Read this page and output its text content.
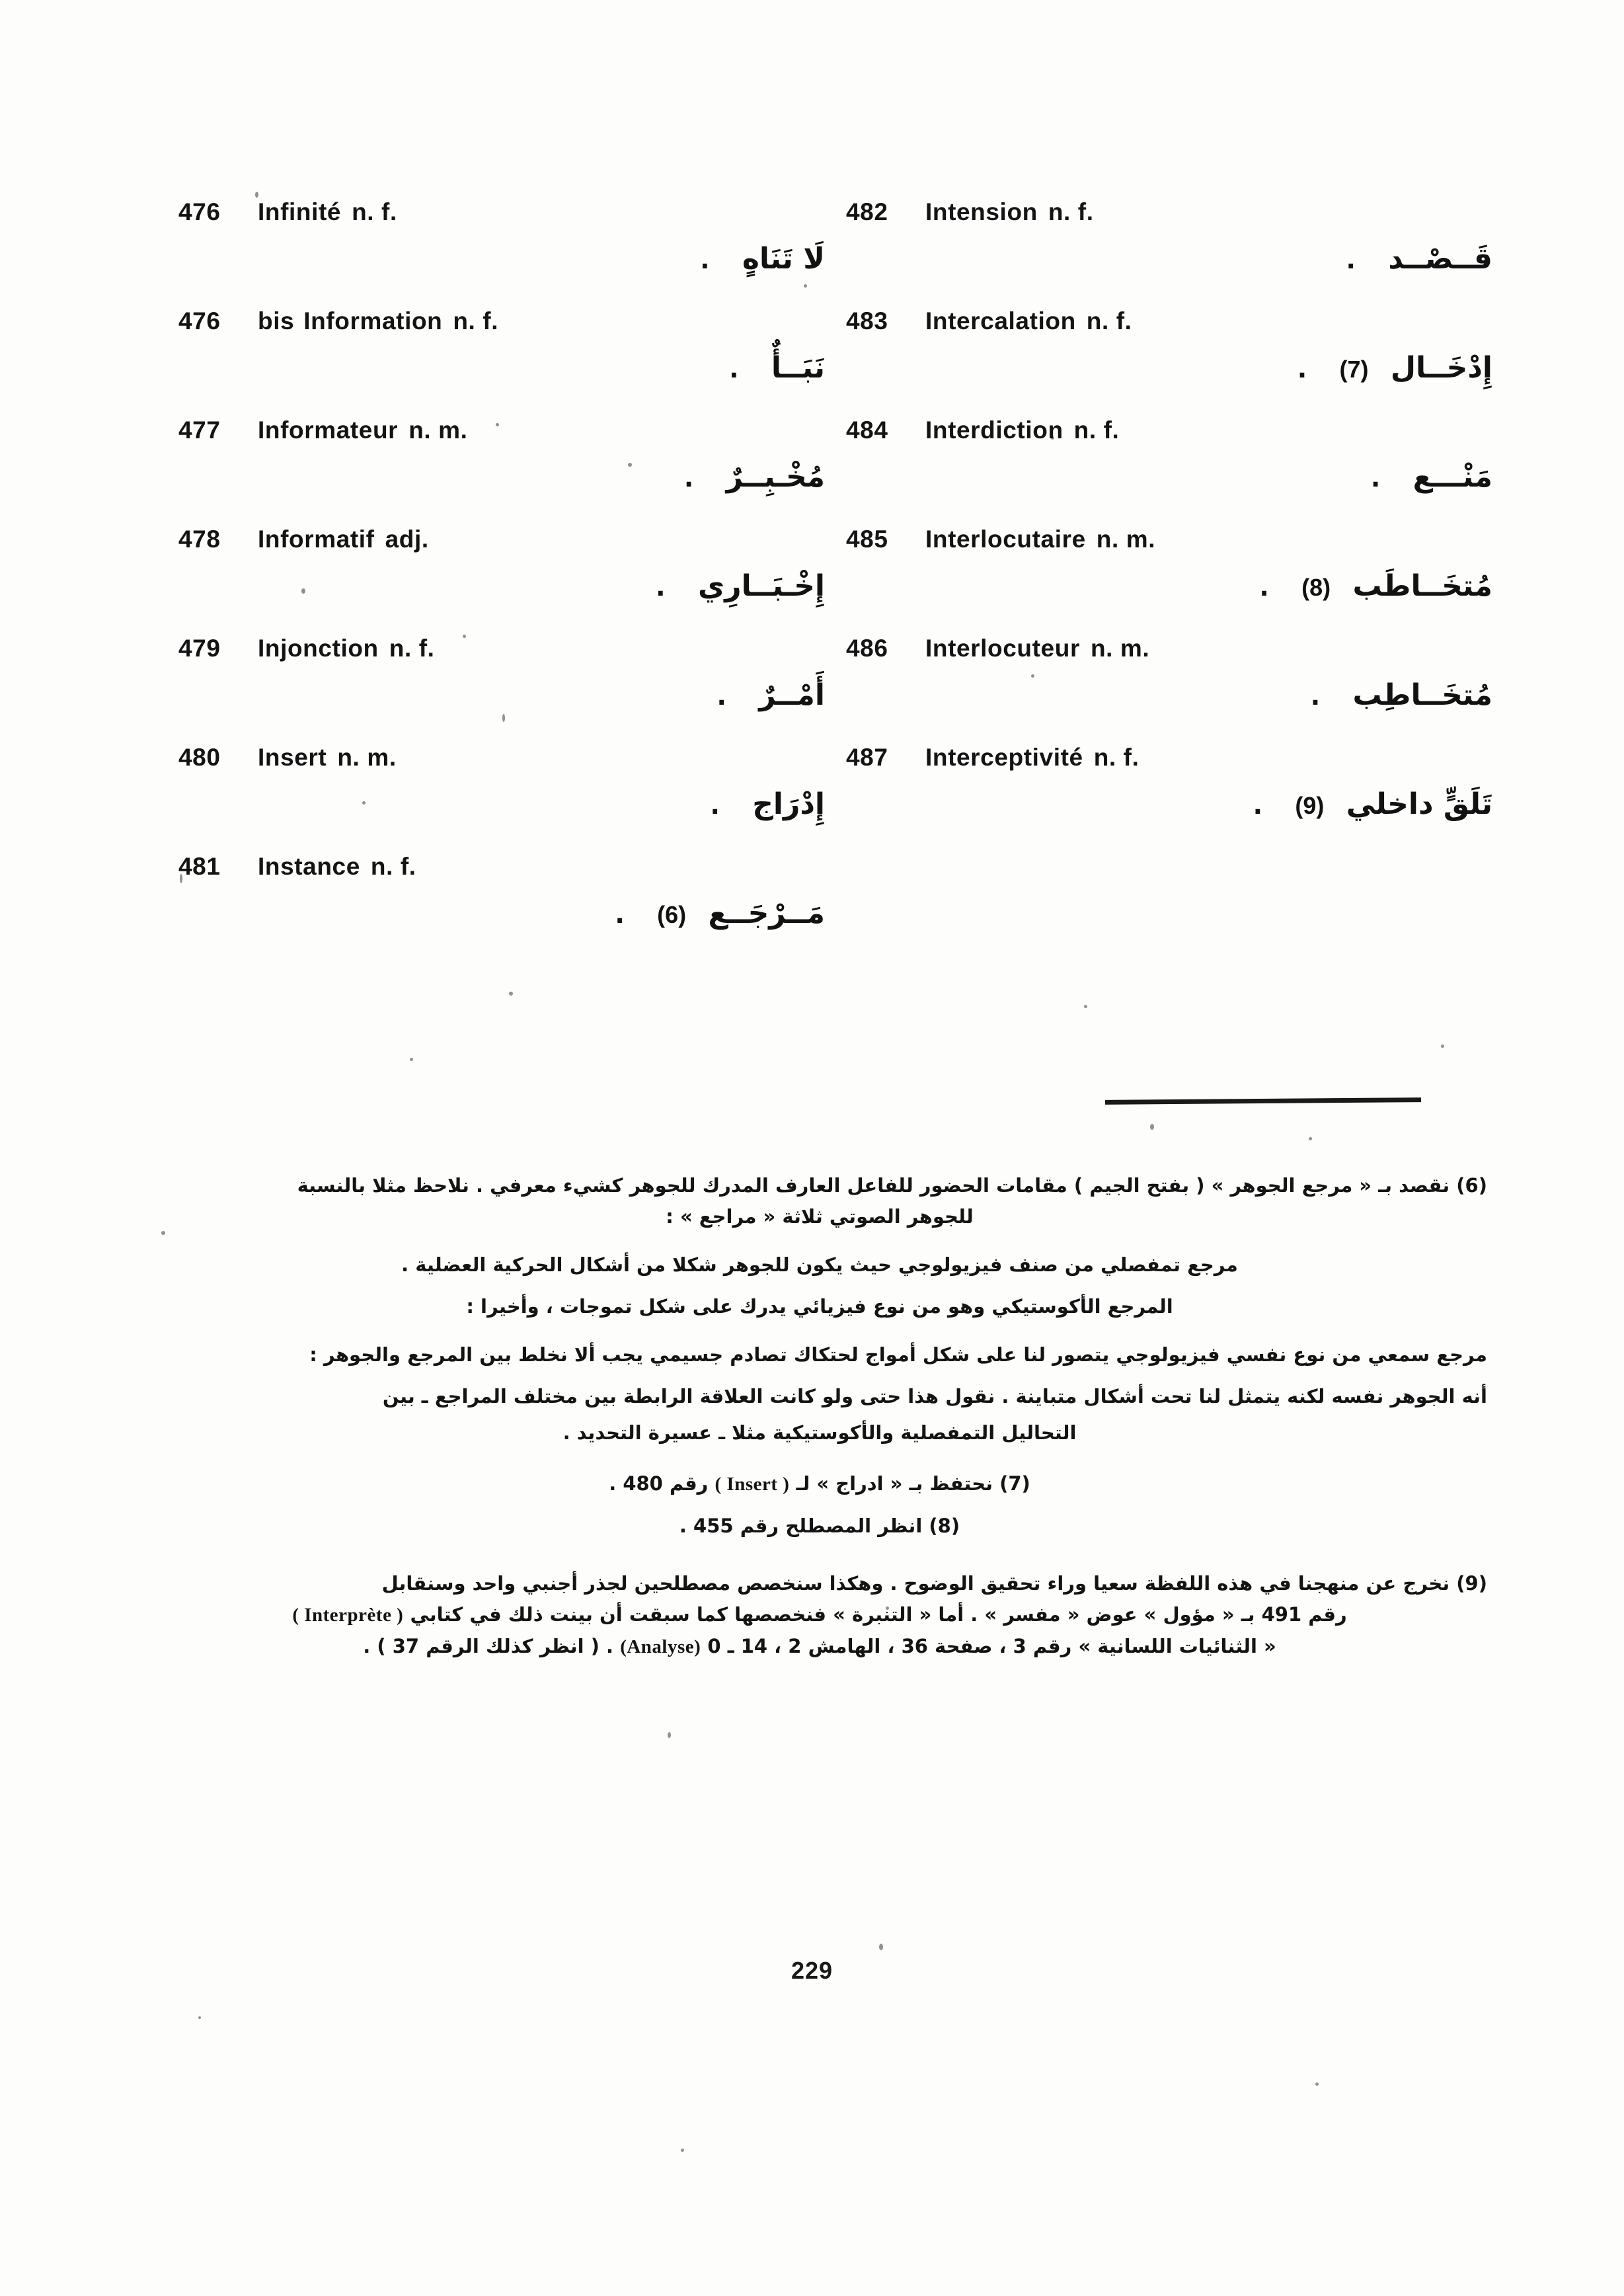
476	Infinité n. f.
لَا تَنَاهٍ .
476	bis Information n. f.
نَبَــأٌ .
477	Informateur n. m.
مُخْـبِــرٌ .
478	Informatif adj.
إِخْـبَــارِي .
479	Injonction n. f.
أَمْــرٌ .
480	Insert n. m.
إِدْرَاج .
481	Instance n. f.
مَــرْجَــع (6) .
482	Intension n. f.
قَــصْــد .
483	Intercalation n. f.
إِدْخَــال (7) .
484	Interdiction n. f.
مَنْـــع .
485	Interlocutaire n. m.
مُتخَــاطَب (8) .
486	Interlocuteur n. m.
مُتخَــاطِب .
487	Interceptivité n. f.
تَلَقٍّ داخلي (9) .
(6) نقصد بـ « مرجع الجوهر » ( بفتح الجيم ) مقامات الحضور للفاعل العارف المدرك للجوهر كشيء معرفي . نلاحظ مثلا بالنسبة
للجوهر الصوتي ثلاثة « مراجع » :
مرجع تمفصلي من صنف فيزيولوجي حيث يكون للجوهر شكلا من أشكال الحركية العضلية .
المرجع الأكوستيكي وهو من نوع فيزيائي يدرك على شكل تموجات ، وأخيرا :
مرجع سمعي من نوع نفسي فيزيولوجي يتصور لنا على شكل أمواج لحتكاك تصادم جسيمي يجب ألا نخلط بين المرجع والجوهر :
أنه الجوهر نفسه لكنه يتمثل لنا تحت أشكال متباينة . نقول هذا حتى ولو كانت العلاقة الرابطة بين مختلف المراجع ـ بين
التحاليل التمفصلية والأكوستيكية مثلا ـ عسيرة التحديد .
(7) نحتفظ بـ « ادراج » لـ ( Insert ) رقم 480 .
(8) انظر المصطلح رقم 455 .
(9) نخرج عن منهجنا في هذه اللفظة سعيا وراء تحقيق الوضوح . وهكذا سنخصص مصطلحين لجذر أجنبي واحد وسنقابل
رقم 491 بـ « مؤول » عوض « مفسر » . أما « التنبرة » فنخصصها كما سبقت أن بينت ذلك في كتابي ( Interprète )
« الثنائيات اللسانية » رقم 3 ، صفحة 36 ، الهامش 2 ، 14 ـ 0 (Analyse) . ( انظر كذلك الرقم 37 ) .
229
